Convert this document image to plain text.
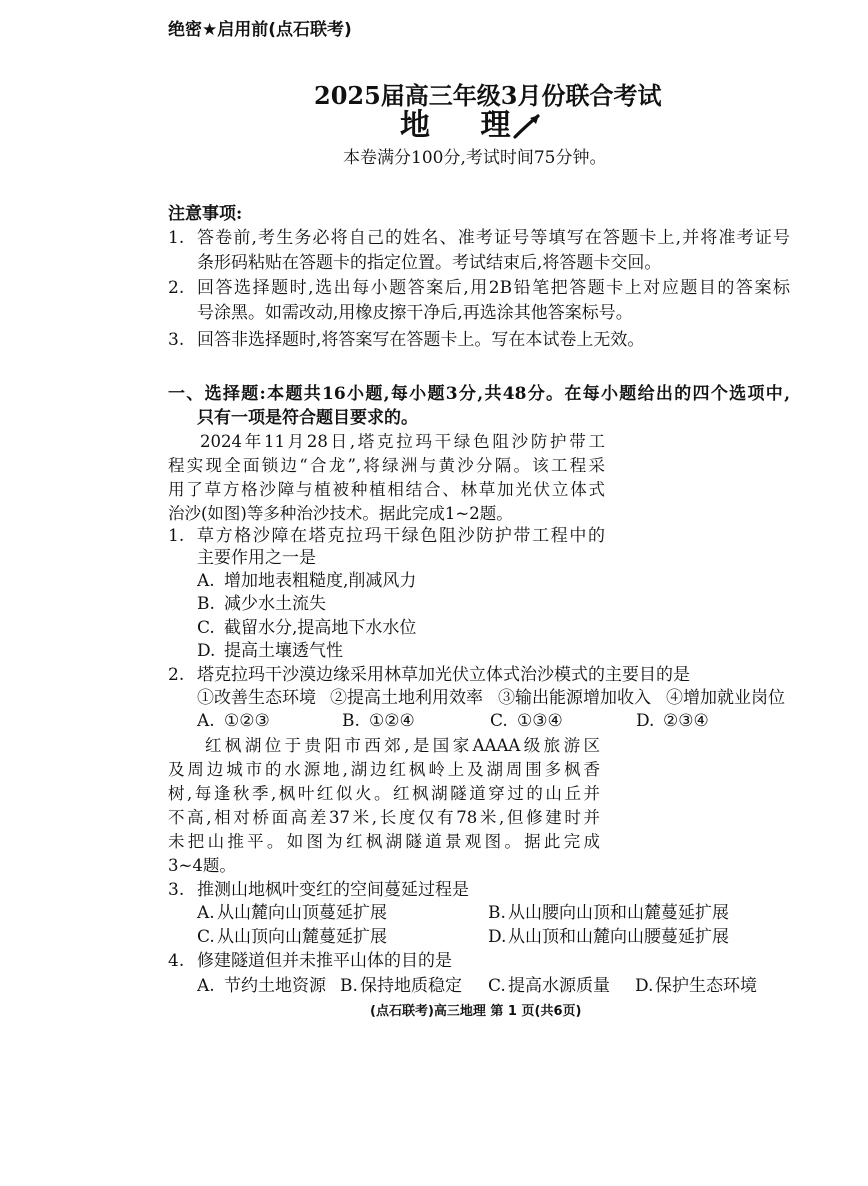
绝密★启用前(点石联考)
2025届高三年级3月份联合考试
地 理
本卷满分100分,考试时间75分钟。
注意事项:
1. 答卷前,考生务必将自己的姓名、准考证号等填写在答题卡上,并将准考证号
条形码粘贴在答题卡的指定位置。考试结束后,将答题卡交回。
2. 回答选择题时,选出每小题答案后,用2B铅笔把答题卡上对应题目的答案标
号涂黑。如需改动,用橡皮擦干净后,再选涂其他答案标号。
3. 回答非选择题时,将答案写在答题卡上。写在本试卷上无效。
一、选择题:本题共16小题,每小题3分,共48分。在每小题给出的四个选项中,
只有一项是符合题目要求的。
2024年11月28日,塔克拉玛干绿色阻沙防护带工
程实现全面锁边“合龙”,将绿洲与黄沙分隔。该工程采
用了草方格沙障与植被种植相结合、林草加光伏立体式
治沙(如图)等多种治沙技术。据此完成1~2题。
1. 草方格沙障在塔克拉玛干绿色阻沙防护带工程中的
主要作用之一是
A. 增加地表粗糙度,削减风力
B. 减少水土流失
C. 截留水分,提高地下水水位
D. 提高土壤透气性
2. 塔克拉玛干沙漠边缘采用林草加光伏立体式治沙模式的主要目的是
①改善生态环境 ②提高土地利用效率 ③输出能源增加收入 ④增加就业岗位
A. ①②③	B. ①②④	C. ①③④	D. ②③④
红枫湖位于贵阳市西郊,是国家AAAA级旅游区
及周边城市的水源地,湖边红枫岭上及湖周围多枫香
树,每逢秋季,枫叶红似火。红枫湖隧道穿过的山丘并
不高,相对桥面高差37米,长度仅有78米,但修建时并
未把山推平。如图为红枫湖隧道景观图。据此完成
3~4题。
3. 推测山地枫叶变红的空间蔓延过程是
A. 从山麓向山顶蔓延扩展	B. 从山腰向山顶和山麓蔓延扩展
C. 从山顶向山麓蔓延扩展	D.从山顶和山麓向山腰蔓延扩展
4. 修建隧道但并未推平山体的目的是
A. 节约土地资源 B. 保持地质稳定 C. 提高水源质量 D.保护生态环境
(点石联考)高三地理 第 1 页(共6页)
